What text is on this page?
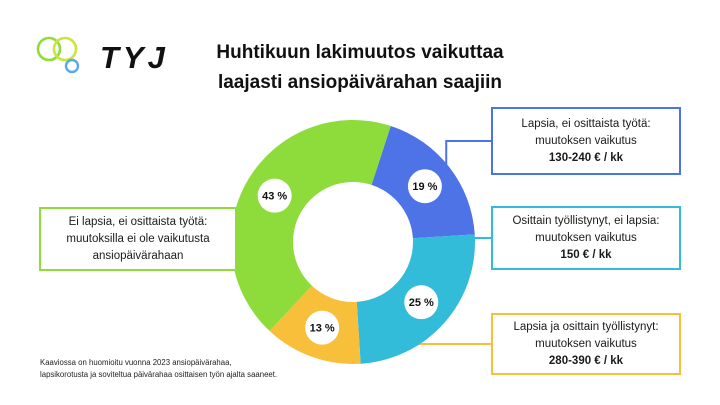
TYJ	Huhtikuun lakimuutos vaikuttaa
laajasti ansiopäivärahan saajiin
19 %
25 %
13 %
43 %
Lapsia, ei osittaista työtä:
muutoksen vaikutus
130-240 € / kk
Osittain työllistynyt, ei lapsia:
muutoksen vaikutus
150 € / kk
Lapsia ja osittain työllistynyt:
muutoksen vaikutus
280-390 € / kk
Ei lapsia, ei osittaista työtä:
muutoksilla ei ole vaikutusta
ansiopäivärahaan
Kaaviossa on huomioitu vuonna 2023 ansiopäivärahaa,
lapsikorotusta ja soviteltua päivärahaa osittaisen työn ajalta saaneet.
